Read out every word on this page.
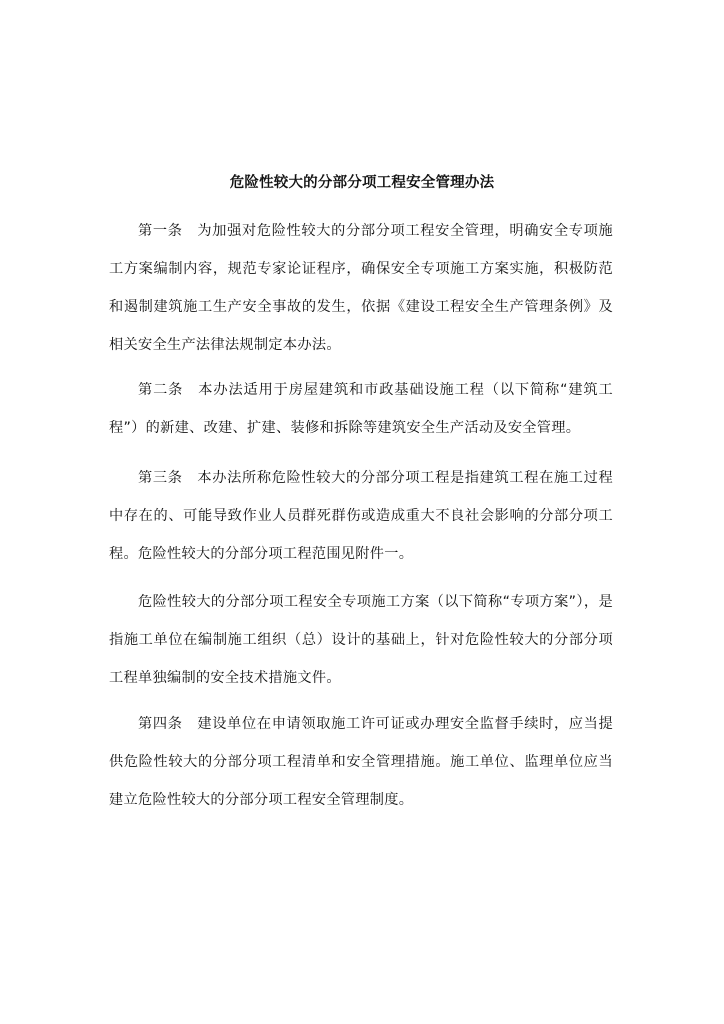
危险性较大的分部分项工程安全管理办法
第一条　为加强对危险性较大的分部分项工程安全管理，明确安全专项施工方案编制内容，规范专家论证程序，确保安全专项施工方案实施，积极防范和遏制建筑施工生产安全事故的发生，依据《建设工程安全生产管理条例》及相关安全生产法律法规制定本办法。
第二条　本办法适用于房屋建筑和市政基础设施工程（以下简称“建筑工程”）的新建、改建、扩建、装修和拆除等建筑安全生产活动及安全管理。
第三条　本办法所称危险性较大的分部分项工程是指建筑工程在施工过程中存在的、可能导致作业人员群死群伤或造成重大不良社会影响的分部分项工程。危险性较大的分部分项工程范围见附件一。
危险性较大的分部分项工程安全专项施工方案（以下简称“专项方案”），是指施工单位在编制施工组织（总）设计的基础上，针对危险性较大的分部分项工程单独编制的安全技术措施文件。
第四条　建设单位在申请领取施工许可证或办理安全监督手续时，应当提供危险性较大的分部分项工程清单和安全管理措施。施工单位、监理单位应当建立危险性较大的分部分项工程安全管理制度。
